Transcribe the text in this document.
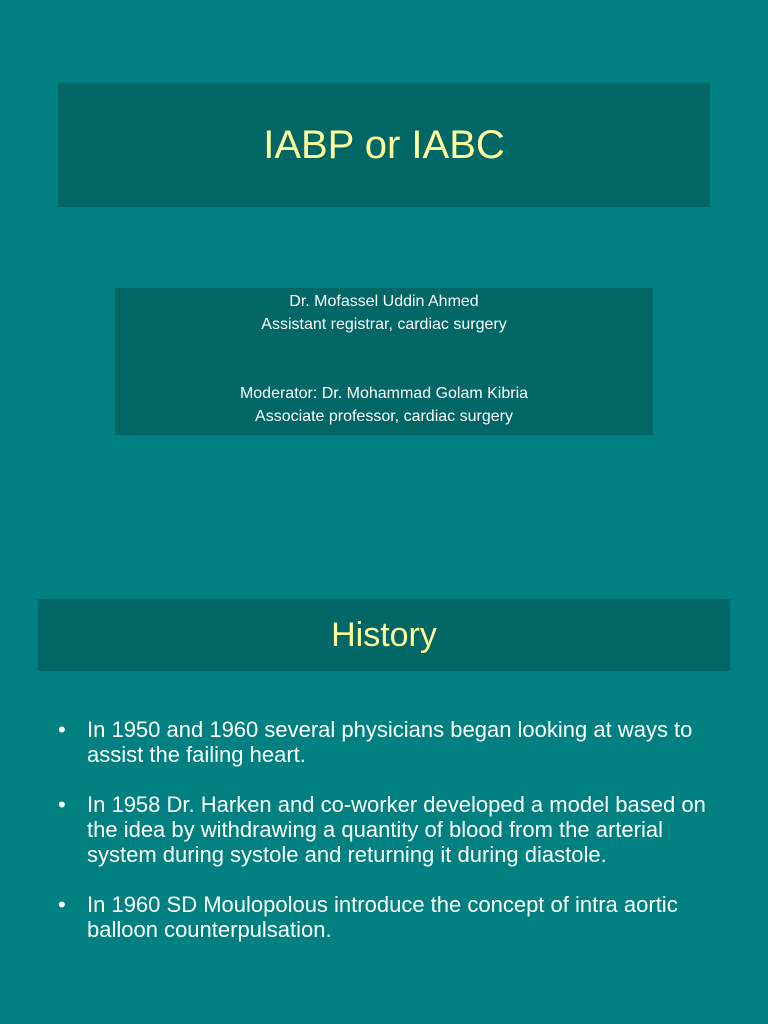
IABP or IABC
Dr. Mofassel Uddin Ahmed
Assistant registrar, cardiac surgery
Moderator: Dr. Mohammad Golam Kibria
Associate professor, cardiac surgery
History
• In 1950 and 1960 several physicians began looking at ways to assist the failing heart.
• In 1958 Dr. Harken and co-worker developed a model based on the idea by withdrawing a quantity of blood from the arterial system during systole and returning it during diastole.
• In 1960 SD Moulopolous introduce the concept of intra aortic balloon counterpulsation.
